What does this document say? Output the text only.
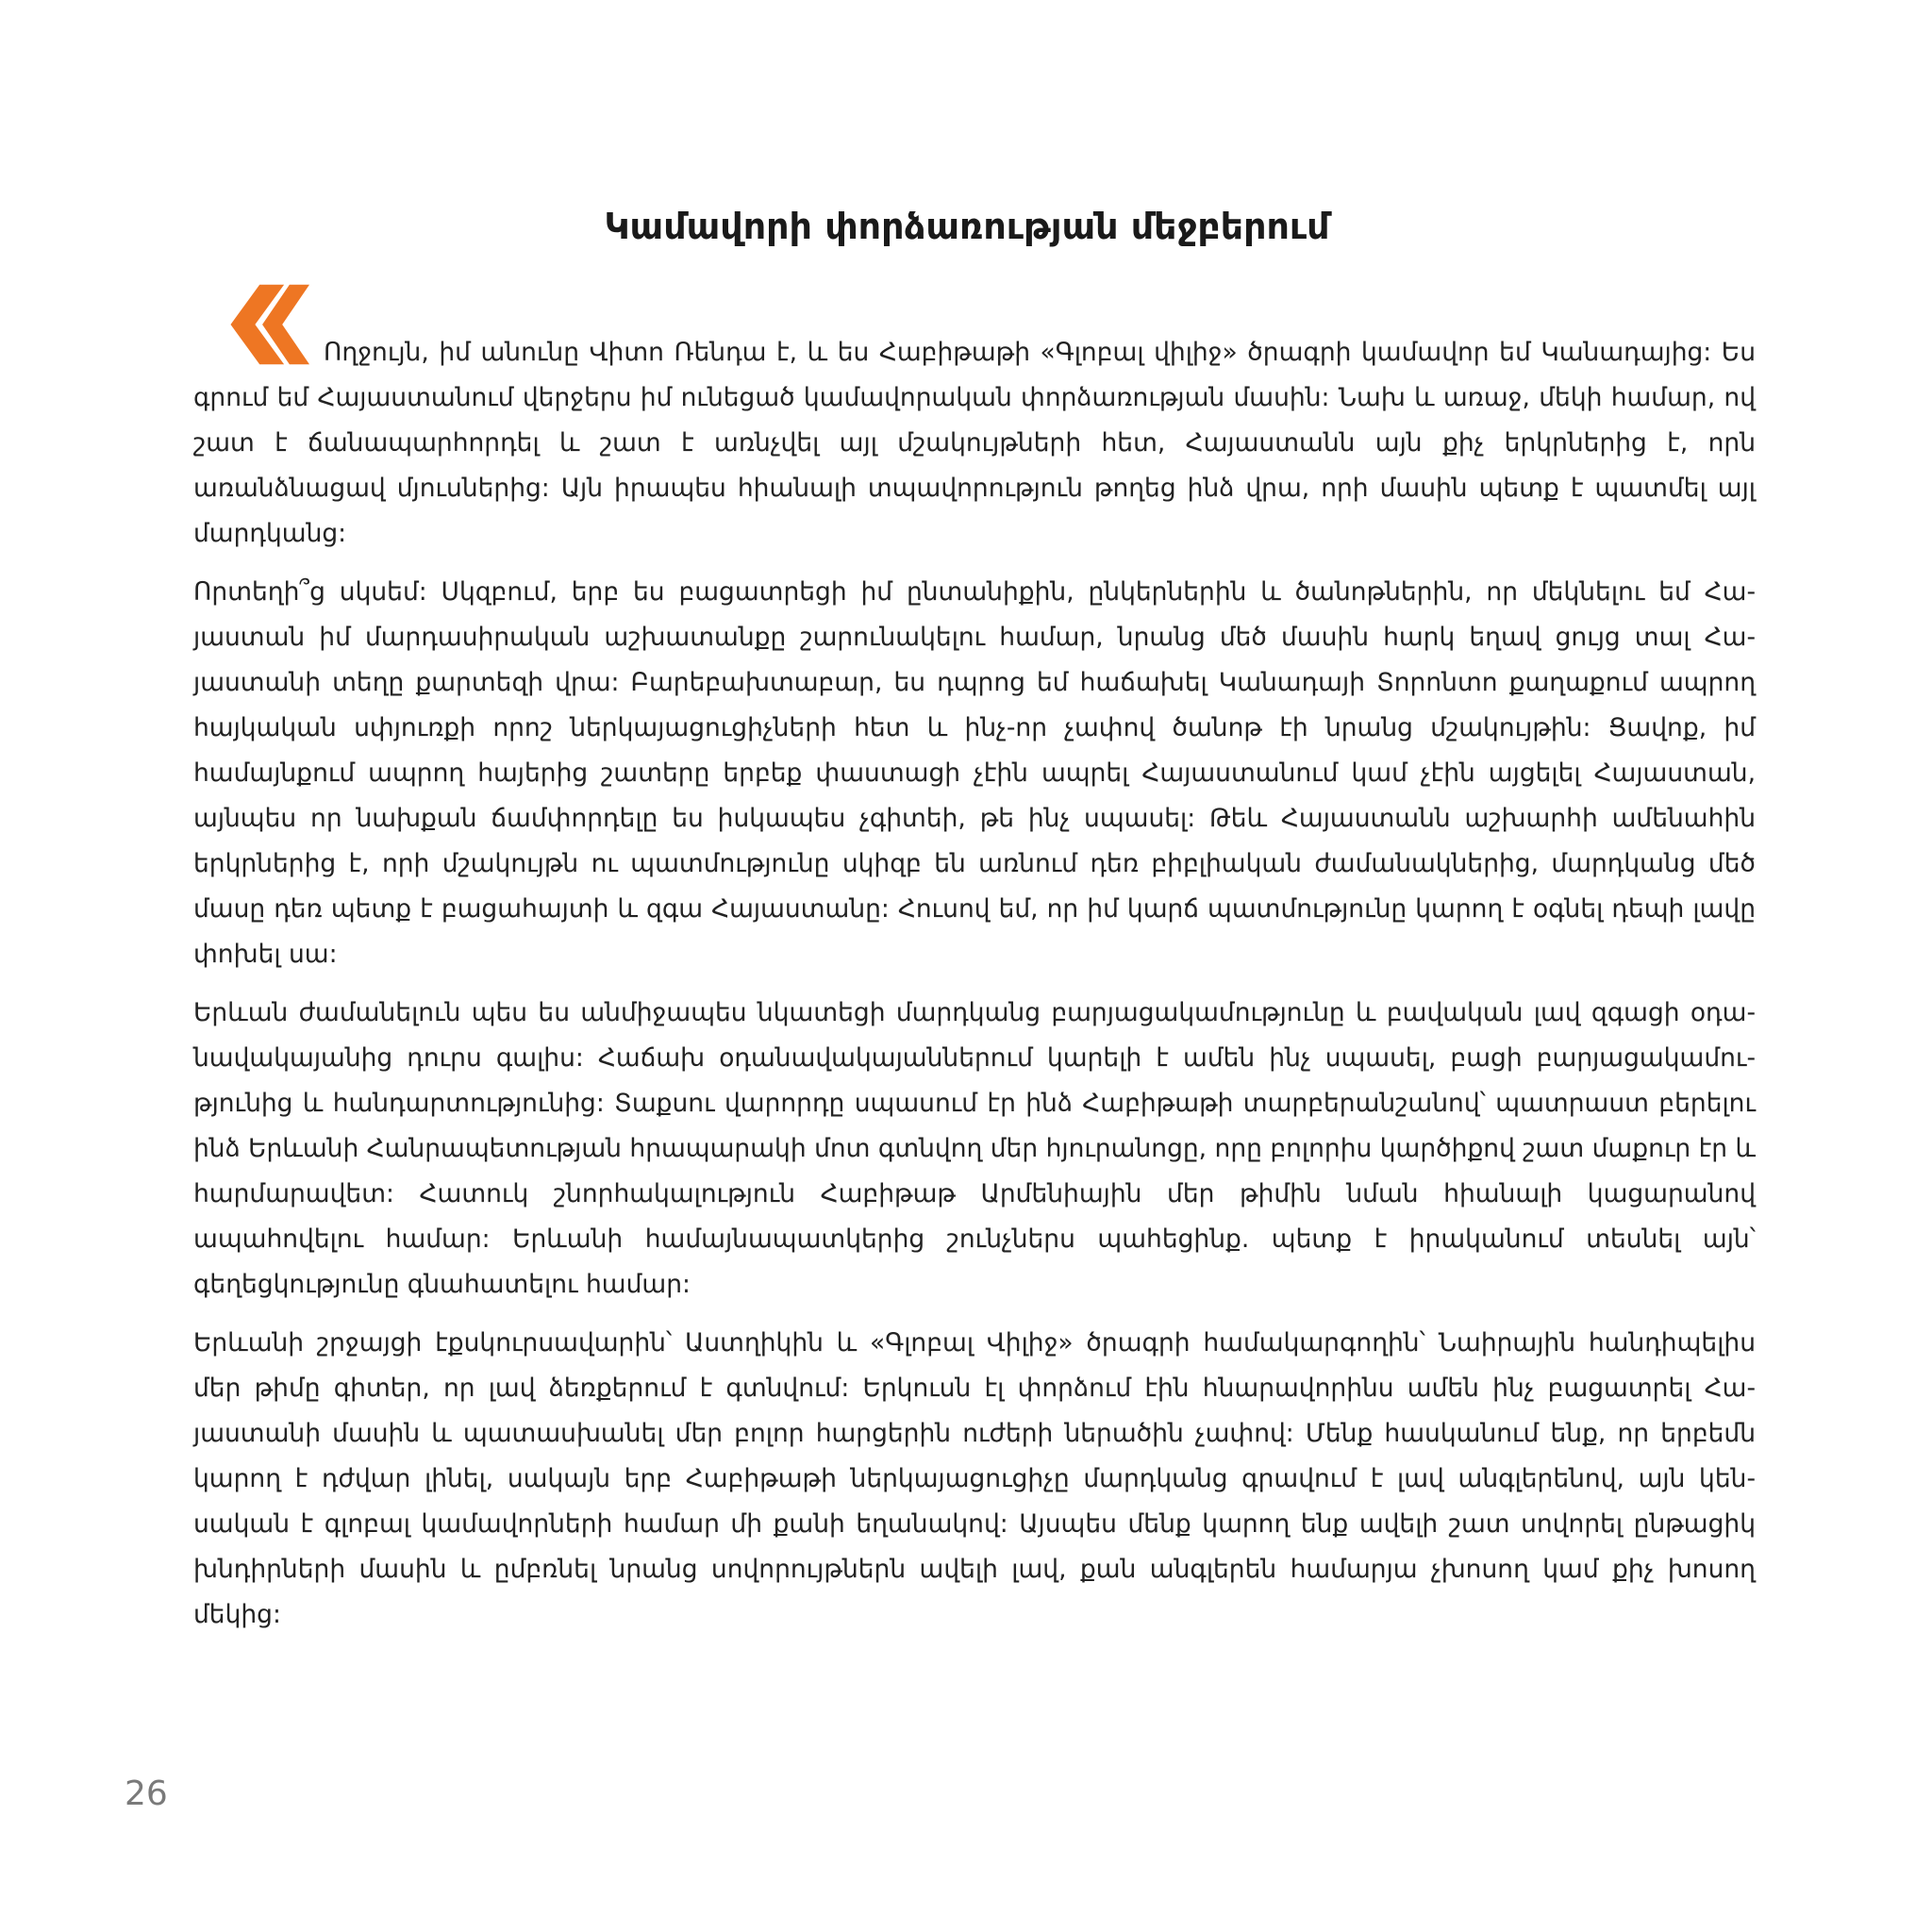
Կամավորի փորձառության մեջբերում

Ողջույն, իմ անունը Վիտո Ռենդա է, և ես Հաբիթաթի «Գլոբալ վիլիջ» ծրագրի կամավոր եմ Կանադայից: Ես գրում եմ Հայաստանում վերջերս իմ ունեցած կամավորական փորձառության մասին: Նախ և առաջ, մեկի համար, ով շատ է ճանապարհորդել և շատ է առնչվել այլ մշակույթների հետ, Հայաստանն այն քիչ երկրներից է, որն առանձնացավ մյուսներից: Այն իրապես հիանալի տպավորություն թողեց ինձ վրա, որի մասին պետք է պատմել այլ մարդկանց:

Որտեղի՞ց սկսեմ: Սկզբում, երբ ես բացատրեցի իմ ընտանիքին, ընկերներին և ծանոթներին, որ մեկնելու եմ Հայաստան իմ մարդասիրական աշխատանքը շարունակելու համար, նրանց մեծ մասին հարկ եղավ ցույց տալ Հայաստանի տեղը քարտեզի վրա: Բարեբախտաբար, ես դպրոց եմ հաճախել Կանադայի Տորոնտո քաղաքում ապրող հայկական սփյուռքի որոշ ներկայացուցիչների հետ և ինչ-որ չափով ծանոթ էի նրանց մշակույթին: Ցավոք, իմ համայնքում ապրող հայերից շատերը երբեք փաստացի չէին ապրել Հայաստանում կամ չէին այցելել Հայաստան, այնպես որ նախքան ճամփորդելը ես իսկապես չգիտեի, թե ինչ սպասել: Թեև Հայաստանն աշխարհի ամենահին երկրներից է, որի մշակույթն ու պատմությունը սկիզբ են առնում դեռ բիբլիական ժամանակներից, մարդկանց մեծ մասը դեռ պետք է բացահայտի և զգա Հայաստանը: Հուսով եմ, որ իմ կարճ պատմությունը կարող է օգնել դեպի լավը փոխել սա:

Երևան ժամանելուն պես ես անմիջապես նկատեցի մարդկանց բարյացակամությունը և բավական լավ զգացի օդանավակայանից դուրս գալիս: Հաճախ օդանավակայաններում կարելի է ամեն ինչ սպասել, բացի բարյացակամությունից և հանդարտությունից: Տաքսու վարորդը սպասում էր ինձ Հաբիթաթի տարբերանշանով՝ պատրաստ բերելու ինձ Երևանի Հանրապետության հրապարակի մոտ գտնվող մեր հյուրանոցը, որը բոլորիս կարծիքով շատ մաքուր էր և հարմարավետ: Հատուկ շնորհակալություն Հաբիթաթ Արմենիային մեր թիմին նման հիանալի կացարանով ապահովելու համար: Երևանի համայնապատկերից շունչներս պահեցինք. պետք է իրականում տեսնել այն՝ գեղեցկությունը գնահատելու համար:

Երևանի շրջայցի էքսկուրսավարին՝ Աստղիկին և «Գլոբալ Վիլիջ» ծրագրի համակարգողին՝ Նաիրային հանդիպելիս մեր թիմը գիտեր, որ լավ ձեռքերում է գտնվում: Երկուսն էլ փորձում էին հնարավորինս ամեն ինչ բացատրել Հայաստանի մասին և պատասխանել մեր բոլոր հարցերին ուժերի ներածին չափով: Մենք հասկանում ենք, որ երբեմն կարող է դժվար լինել, սակայն երբ Հաբիթաթի ներկայացուցիչը մարդկանց գրավում է լավ անգլերենով, այն կենսական է գլոբալ կամավորների համար մի քանի եղանակով: Այսպես մենք կարող ենք ավելի շատ սովորել ընթացիկ խնդիրների մասին և ըմբռնել նրանց սովորույթներն ավելի լավ, քան անգլերեն համարյա չխոսող կամ քիչ խոսող մեկից:

26
